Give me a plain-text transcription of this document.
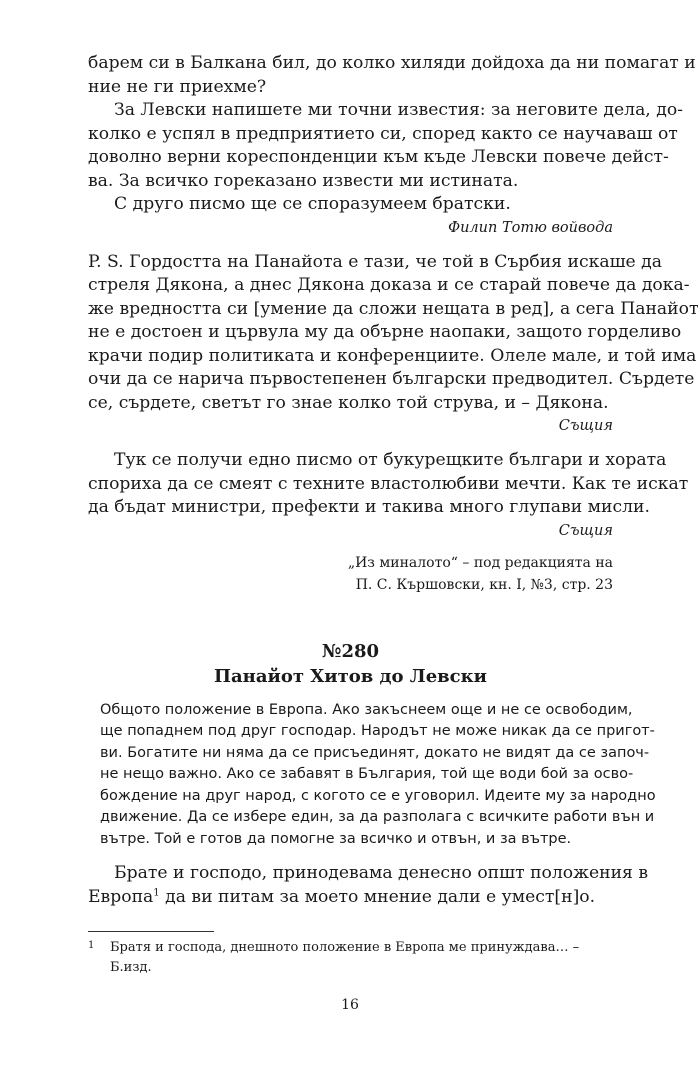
барем си в Балкана бил, до колко хиляди дойдоха да ни помагат и
ние не ги приехме?
За Левски напишете ми точни известия: за неговите дела, до-
колко е успял в предприятието си, според както се научаваш от
доволно верни кореспонденции към къде Левски повече дейст-
ва. За всичко гореказано извести ми истината.
С друго писмо ще се споразумеем братски.

Филип Тотю войвода

P. S. Гордостта на Панайота е тази, че той в Сърбия искаше да
стреля Дякона, а днес Дякона доказа и се старай повече да дока-
же вредността си [умение да сложи нещата в ред], а сега Панайот
не е достоен и цървула му да обърне наопаки, защото горделиво
крачи подир политиката и конференциите. Олеле мале, и той има
очи да се нарича първостепенен български предводител. Сърдете
се, сърдете, светът го знае колко той струва, и – Дякона.

Същия

Тук се получи едно писмо от букурещките българи и хората
спориха да се смеят с техните властолюбиви мечти. Как те искат
да бъдат министри, префекти и такива много глупави мисли.

Същия

„Из миналото“ – под редакцията на

П. С. Кършовски, кн. I, №3, стр. 23

№280

Панайот Хитов до Левски

Общото положение в Европа. Ако закъснеем още и не се освободим,
ще попаднем под друг господар. Народът не може никак да се пригот-
ви. Богатите ни няма да се присъединят, докато не видят да се започ-
не нещо важно. Ако се забавят в България, той ще води бой за осво-
бождение на друг народ, с когото се е уговорил. Идеите му за народно
движение. Да се избере един, за да разполага с всичките работи вън и
вътре. Той е готов да помогне за всичко и отвън, и за вътре.
Брате и господо, принодевама денесно општ положения в
Европа$^1$ да ви питам за моето мнение дали е умест[н]о.
1 Братя и господа, днешното положение в Европа ме принуждава… –
Б.изд.
16
